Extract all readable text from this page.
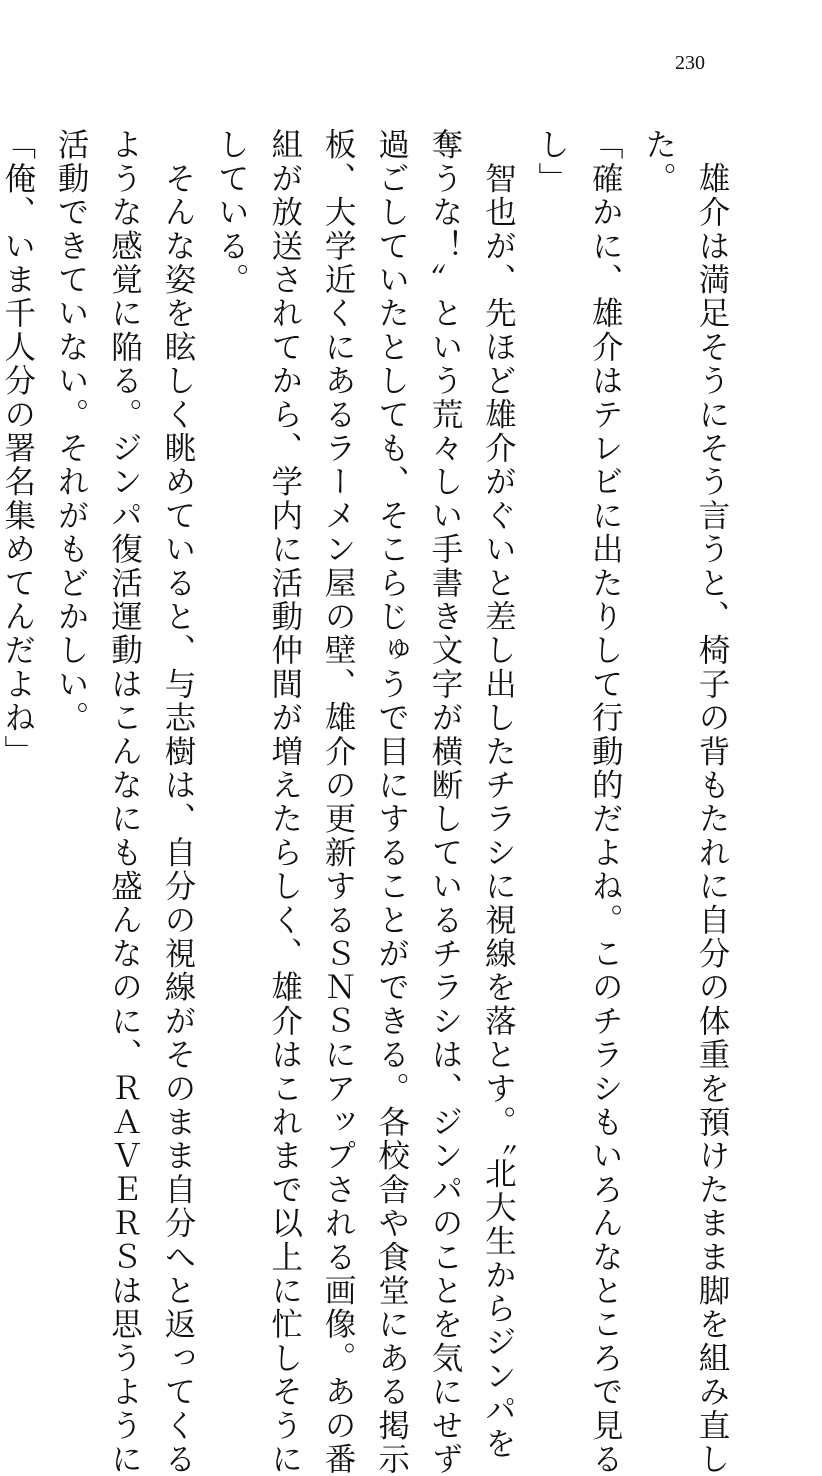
230
　雄介は満足そうにそう言うと、椅子の背もたれに自分の体重を預けたまま脚を組み直し
た。
「確かに、雄介はテレビに出たりして行動的だよね。このチラシもいろんなところで見る
し」
　智也が、先ほど雄介がぐいと差し出したチラシに視線を落とす。〝北大生からジンパを
奪うな！〟という荒々しい手書き文字が横断しているチラシは、ジンパのことを気にせず
過ごしていたとしても、そこらじゅうで目にすることができる。各校舎や食堂にある掲示
板、大学近くにあるラーメン屋の壁、雄介の更新するＳＮＳにアップされる画像。あの番
組が放送されてから、学内に活動仲間が増えたらしく、雄介はこれまで以上に忙しそうに
している。
　そんな姿を眩しく眺めていると、与志樹は、自分の視線がそのまま自分へと返ってくる
ような感覚に陥る。ジンパ復活運動はこんなにも盛んなのに、ＲＡＶＥＲＳは思うように
活動できていない。それがもどかしい。
「俺、いま千人分の署名集めてんだよね」
